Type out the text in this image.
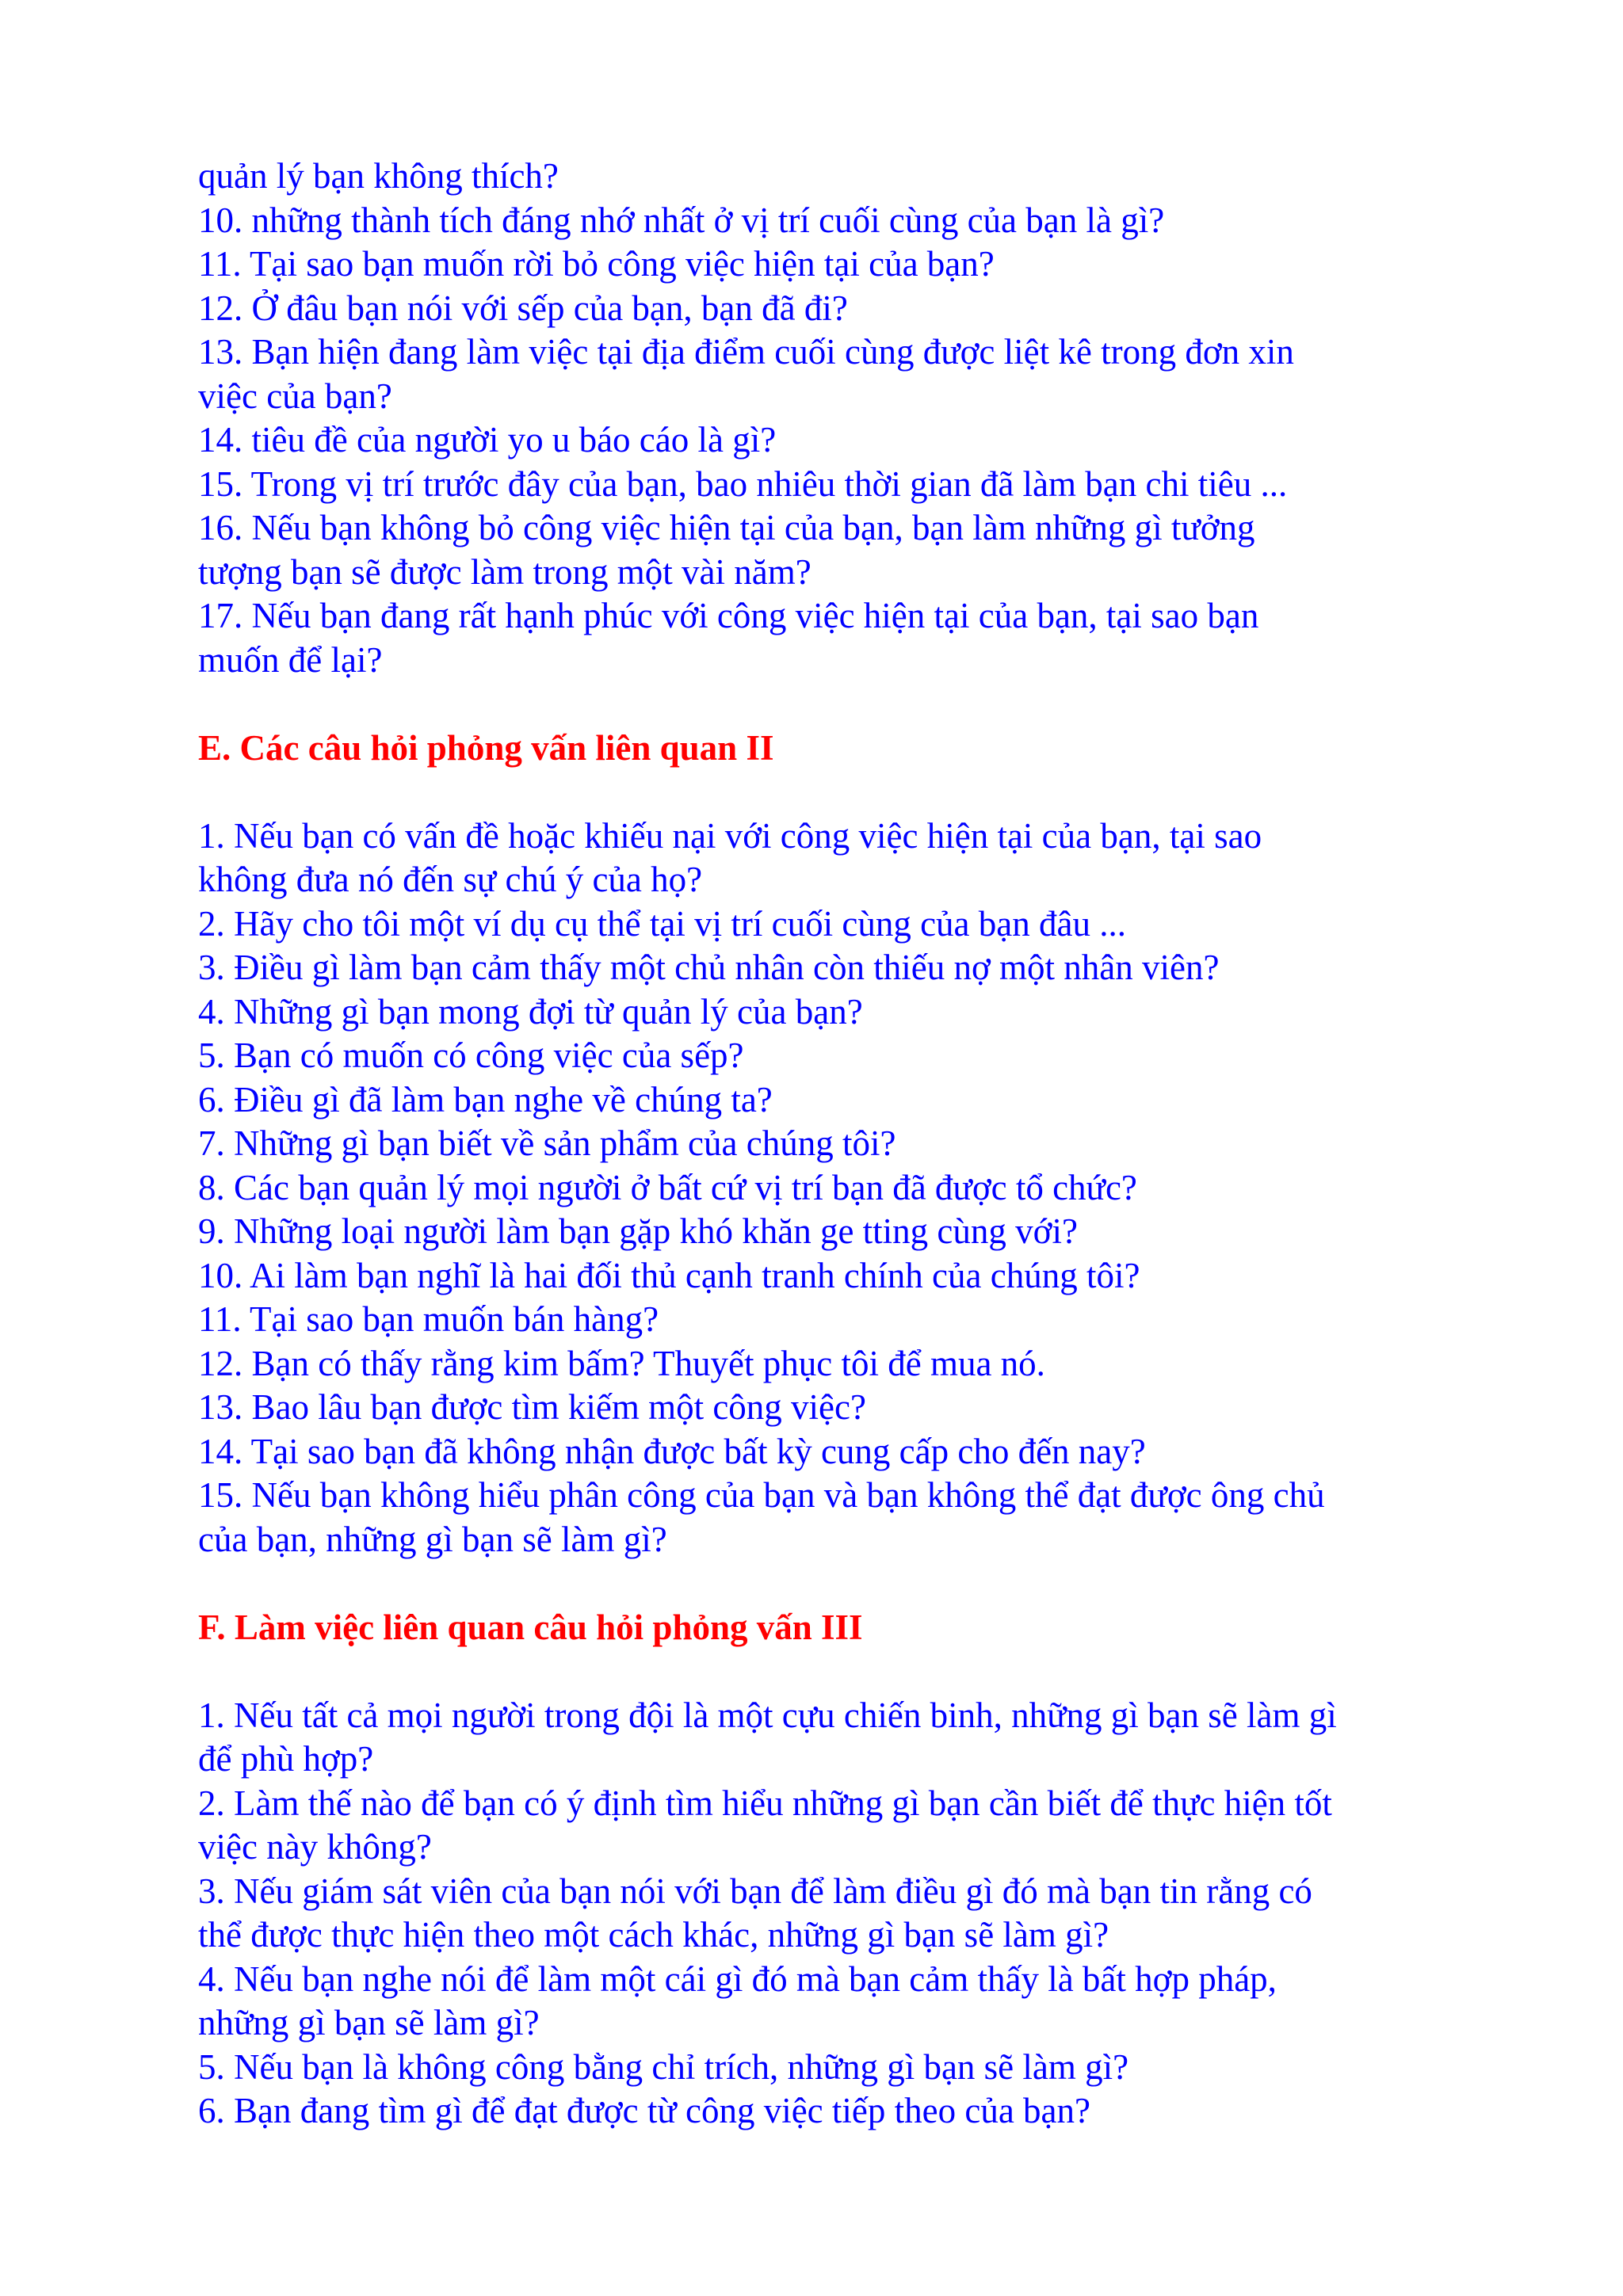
quản lý bạn không thích?
10. những thành tích đáng nhớ nhất ở vị trí cuối cùng của bạn là gì?
11. Tại sao bạn muốn rời bỏ công việc hiện tại của bạn?
12. Ở đâu bạn nói với sếp của bạn, bạn đã đi?
13. Bạn hiện đang làm việc tại địa điểm cuối cùng được liệt kê trong đơn xin
việc của bạn?
14. tiêu đề của người yo u báo cáo là gì?
15. Trong vị trí trước đây của bạn, bao nhiêu thời gian đã làm bạn chi tiêu ...
16. Nếu bạn không bỏ công việc hiện tại của bạn, bạn làm những gì tưởng
tượng bạn sẽ được làm trong một vài năm?
17. Nếu bạn đang rất hạnh phúc với công việc hiện tại của bạn, tại sao bạn
muốn để lại?
E. Các câu hỏi phỏng vấn liên quan II
1. Nếu bạn có vấn đề hoặc khiếu nại với công việc hiện tại của bạn, tại sao
không đưa nó đến sự chú ý của họ?
2. Hãy cho tôi một ví dụ cụ thể tại vị trí cuối cùng của bạn đâu ...
3. Điều gì làm bạn cảm thấy một chủ nhân còn thiếu nợ một nhân viên?
4. Những gì bạn mong đợi từ quản lý của bạn?
5. Bạn có muốn có công việc của sếp?
6. Điều gì đã làm bạn nghe về chúng ta?
7. Những gì bạn biết về sản phẩm của chúng tôi?
8. Các bạn quản lý mọi người ở bất cứ vị trí bạn đã được tổ chức?
9. Những loại người làm bạn gặp khó khăn ge tting cùng với?
10. Ai làm bạn nghĩ là hai đối thủ cạnh tranh chính của chúng tôi?
11. Tại sao bạn muốn bán hàng?
12. Bạn có thấy rằng kim bấm? Thuyết phục tôi để mua nó.
13. Bao lâu bạn được tìm kiếm một công việc?
14. Tại sao bạn đã không nhận được bất kỳ cung cấp cho đến nay?
15. Nếu bạn không hiểu phân công của bạn và bạn không thể đạt được ông chủ
của bạn, những gì bạn sẽ làm gì?
F. Làm việc liên quan câu hỏi phỏng vấn III
1. Nếu tất cả mọi người trong đội là một cựu chiến binh, những gì bạn sẽ làm gì
để phù hợp?
2. Làm thế nào để bạn có ý định tìm hiểu những gì bạn cần biết để thực hiện tốt
việc này không?
3. Nếu giám sát viên của bạn nói với bạn để làm điều gì đó mà bạn tin rằng có
thể được thực hiện theo một cách khác, những gì bạn sẽ làm gì?
4. Nếu bạn nghe nói để làm một cái gì đó mà bạn cảm thấy là bất hợp pháp,
những gì bạn sẽ làm gì?
5. Nếu bạn là không công bằng chỉ trích, những gì bạn sẽ làm gì?
6. Bạn đang tìm gì để đạt được từ công việc tiếp theo của bạn?
